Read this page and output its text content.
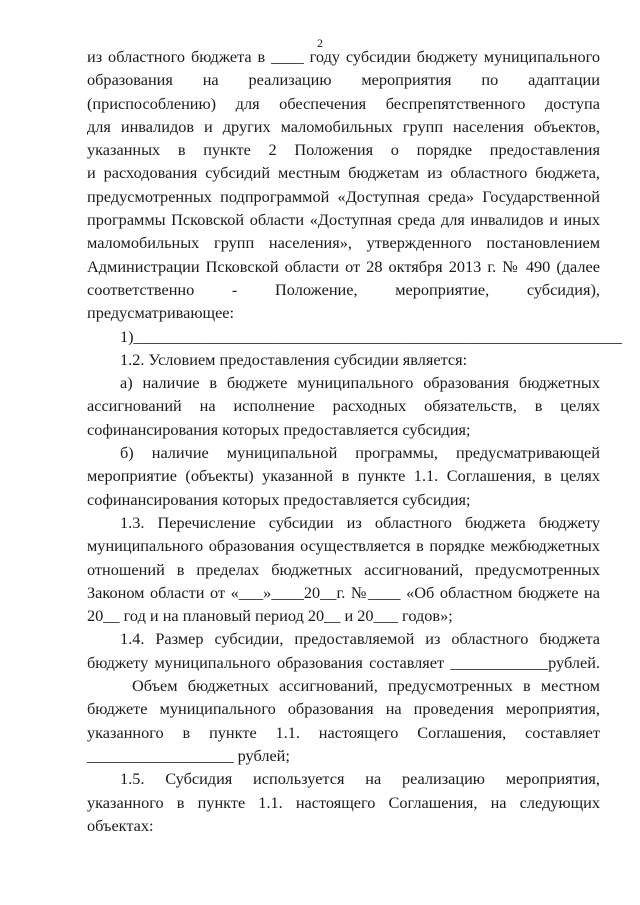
2

из областного бюджета в ____ году субсидии бюджету муниципального

образования на реализацию мероприятия по адаптации

(приспособлению) для обеспечения беспрепятственного доступа

для инвалидов и других маломобильных групп населения объектов,

указанных в пункте 2 Положения о порядке предоставления

и расходования субсидий местным бюджетам из областного бюджета,

предусмотренных подпрограммой «Доступная среда» Государственной

программы Псковской области «Доступная среда для инвалидов и иных

маломобильных групп населения», утвержденного постановлением

Администрации Псковской области от 28 октября 2013 г. № 490 (далее

соответственно - Положение, мероприятие, субсидия),

предусматривающее:

1)____________________________________________________________

1.2. Условием предоставления субсидии является:

а) наличие в бюджете муниципального образования бюджетных

ассигнований на исполнение расходных обязательств, в целях

софинансирования которых предоставляется субсидия;

б) наличие муниципальной программы, предусматривающей

мероприятие (объекты) указанной в пункте 1.1. Соглашения, в целях

софинансирования которых предоставляется субсидия;

1.3. Перечисление субсидии из областного бюджета бюджету

муниципального образования осуществляется в порядке межбюджетных

отношений в пределах бюджетных ассигнований, предусмотренных

Законом области от «___»____20__г. №____ «Об областном бюджете на

20__ год и на плановый период 20__ и 20___ годов»;

1.4. Размер субсидии, предоставляемой из областного бюджета

бюджету муниципального образования составляет ____________рублей.

Объем бюджетных ассигнований, предусмотренных в местном

бюджете муниципального образования на проведения мероприятия,

указанного в пункте 1.1. настоящего Соглашения, составляет

__________________ рублей;

1.5. Субсидия используется на реализацию мероприятия,

указанного в пункте 1.1. настоящего Соглашения, на следующих

объектах:
